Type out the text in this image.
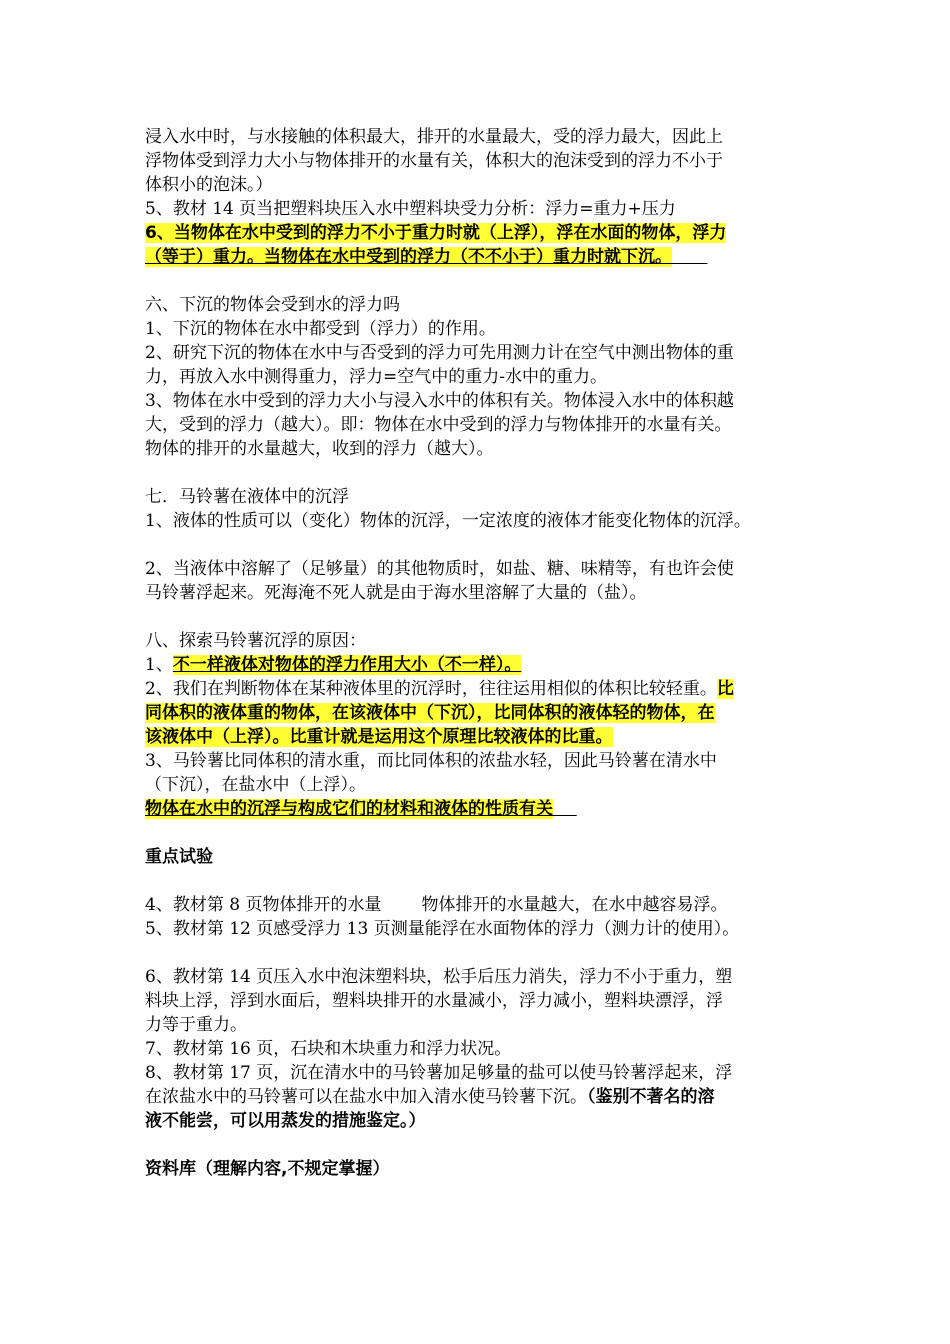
浸入水中时，与水接触的体积最大，排开的水量最大，受的浮力最大，因此上
浮物体受到浮力大小与物体排开的水量有关，体积大的泡沫受到的浮力不小于
体积小的泡沫。）
5、教材 14 页当把塑料块压入水中塑料块受力分析：浮力=重力+压力
6、当物体在水中受到的浮力不小于重力时就（上浮），浮在水面的物体，浮力
（等于）重力。当物体在水中受到的浮力（不不小于）重力时就下沉。
六、下沉的物体会受到水的浮力吗
1、下沉的物体在水中都受到（浮力）的作用。
2、研究下沉的物体在水中与否受到的浮力可先用测力计在空气中测出物体的重
力，再放入水中测得重力，浮力=空气中的重力-水中的重力。
3、物体在水中受到的浮力大小与浸入水中的体积有关。物体浸入水中的体积越
大，受到的浮力（越大）。即：物体在水中受到的浮力与物体排开的水量有关。
物体的排开的水量越大，收到的浮力（越大）。
七．马铃薯在液体中的沉浮
1、液体的性质可以（变化）物体的沉浮，一定浓度的液体才能变化物体的沉浮。
2、当液体中溶解了（足够量）的其他物质时，如盐、糖、味精等，有也许会使
马铃薯浮起来。死海淹不死人就是由于海水里溶解了大量的（盐）。
八、探索马铃薯沉浮的原因：
1、不一样液体对物体的浮力作用大小（不一样）。
2、我们在判断物体在某种液体里的沉浮时，往往运用相似的体积比较轻重。比
同体积的液体重的物体，在该液体中（下沉），比同体积的液体轻的物体，在
该液体中（上浮）。比重计就是运用这个原理比较液体的比重。
3、马铃薯比同体积的清水重，而比同体积的浓盐水轻，因此马铃薯在清水中
（下沉），在盐水中（上浮）。
物体在水中的沉浮与构成它们的材料和液体的性质有关
重点试验
4、教材第 8 页物体排开的水量 物体排开的水量越大，在水中越容易浮。
5、教材第 12 页感受浮力 13 页测量能浮在水面物体的浮力（测力计的使用）。
6、教材第 14 页压入水中泡沫塑料块，松手后压力消失，浮力不小于重力，塑
料块上浮，浮到水面后，塑料块排开的水量减小，浮力减小，塑料块漂浮，浮
力等于重力。
7、教材第 16 页，石块和木块重力和浮力状况。
8、教材第 17 页，沉在清水中的马铃薯加足够量的盐可以使马铃薯浮起来，浮
在浓盐水中的马铃薯可以在盐水中加入清水使马铃薯下沉。（鉴别不著名的溶
液不能尝，可以用蒸发的措施鉴定。）
资料库（理解内容,不规定掌握）
